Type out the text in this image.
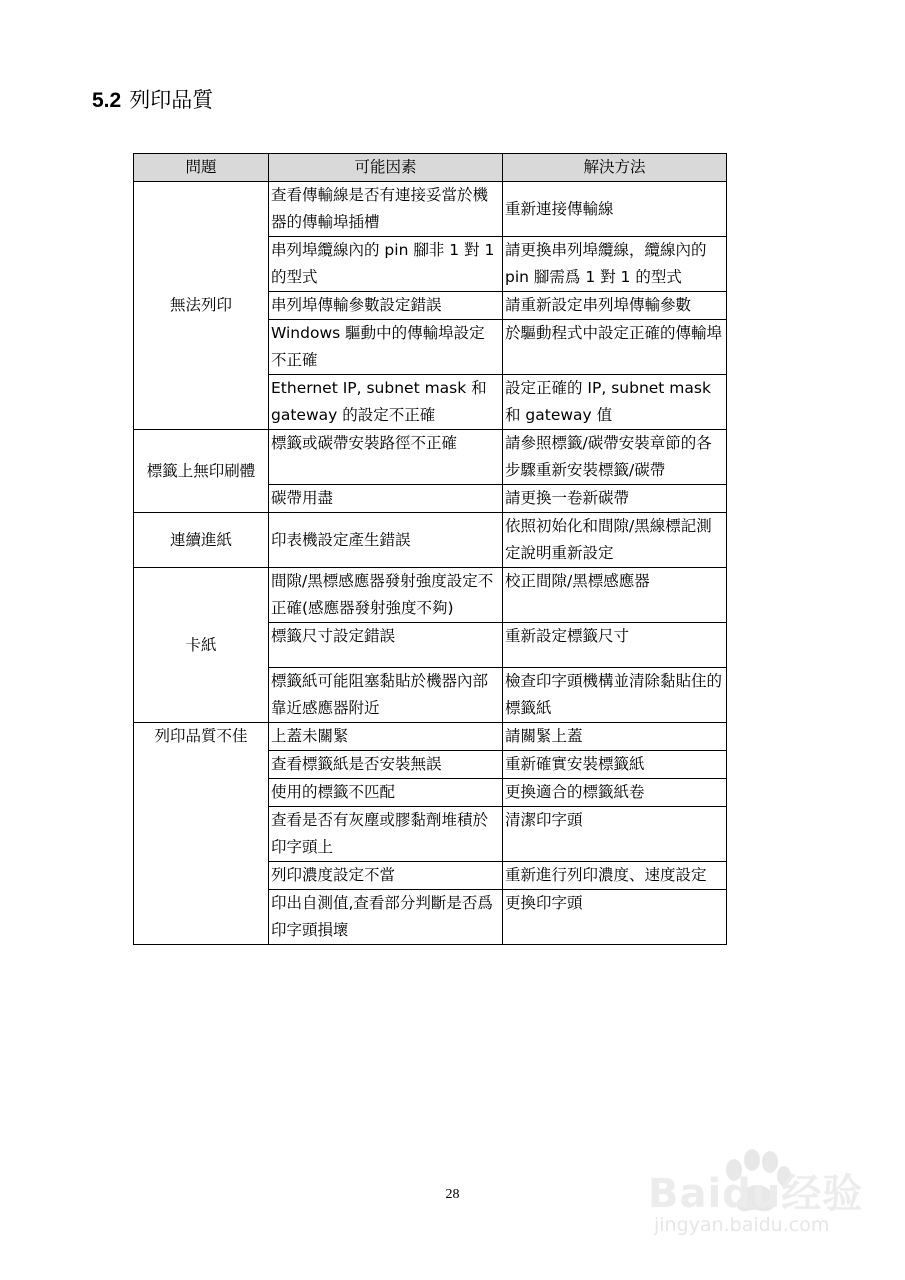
5.2 列印品質
問題	可能因素	解決方法
無法列印	查看傳輸線是否有連接妥當於機器的傳輸埠插槽	重新連接傳輸線
	串列埠纜線內的 pin 腳非 1 對 1 的型式	請更換串列埠纜線，纜線內的 pin 腳需爲 1 對 1 的型式
	串列埠傳輸參數設定錯誤	請重新設定串列埠傳輸參數
	Windows 驅動中的傳輸埠設定不正確	於驅動程式中設定正確的傳輸埠
	Ethernet IP, subnet mask 和 gateway 的設定不正確	設定正確的 IP, subnet mask 和 gateway 值
標籤上無印刷體	標籤或碳帶安裝路徑不正確	請參照標籤/碳帶安裝章節的各步驟重新安裝標籤/碳帶
	碳帶用盡	請更換一卷新碳帶
連續進紙	印表機設定產生錯誤	依照初始化和間隙/黑線標記測定說明重新設定
卡紙	間隙/黑標感應器發射強度設定不正確(感應器發射強度不夠)	校正間隙/黑標感應器
	標籤尺寸設定錯誤	重新設定標籤尺寸
	標籤紙可能阻塞黏貼於機器內部靠近感應器附近	檢查印字頭機構並清除黏貼住的標籤紙
列印品質不佳	上蓋未關緊	請關緊上蓋
	查看標籤紙是否安裝無誤	重新確實安裝標籤紙
	使用的標籤不匹配	更換適合的標籤紙卷
	查看是否有灰塵或膠黏劑堆積於印字頭上	清潔印字頭
	列印濃度設定不當	重新進行列印濃度、速度設定
	印出自測值,查看部分判斷是否爲印字頭損壞	更換印字頭
28	Baidu经验
jingyan.baidu.com
